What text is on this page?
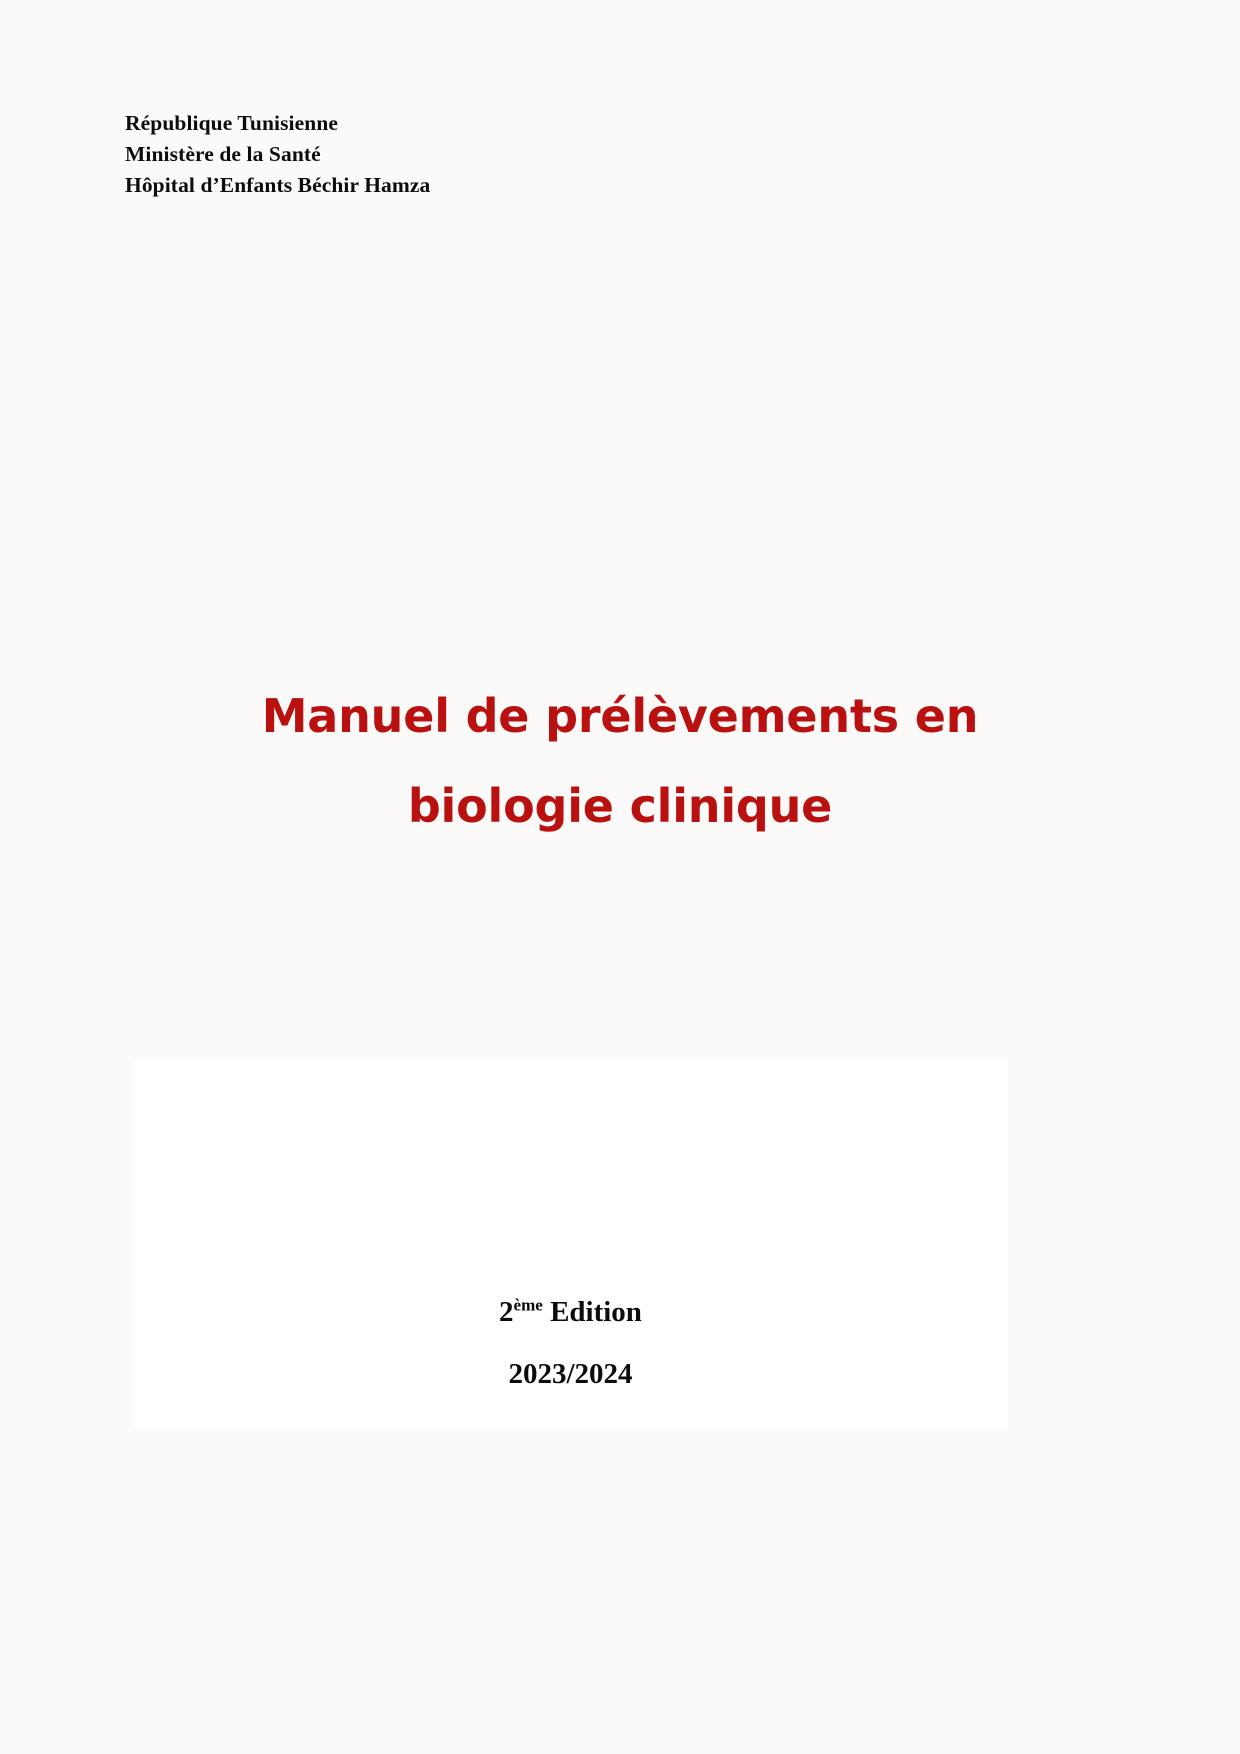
République Tunisienne
Ministère de la Santé
Hôpital d’Enfants Béchir Hamza
Manuel de prélèvements en
biologie clinique
2ème Edition
2023/2024
